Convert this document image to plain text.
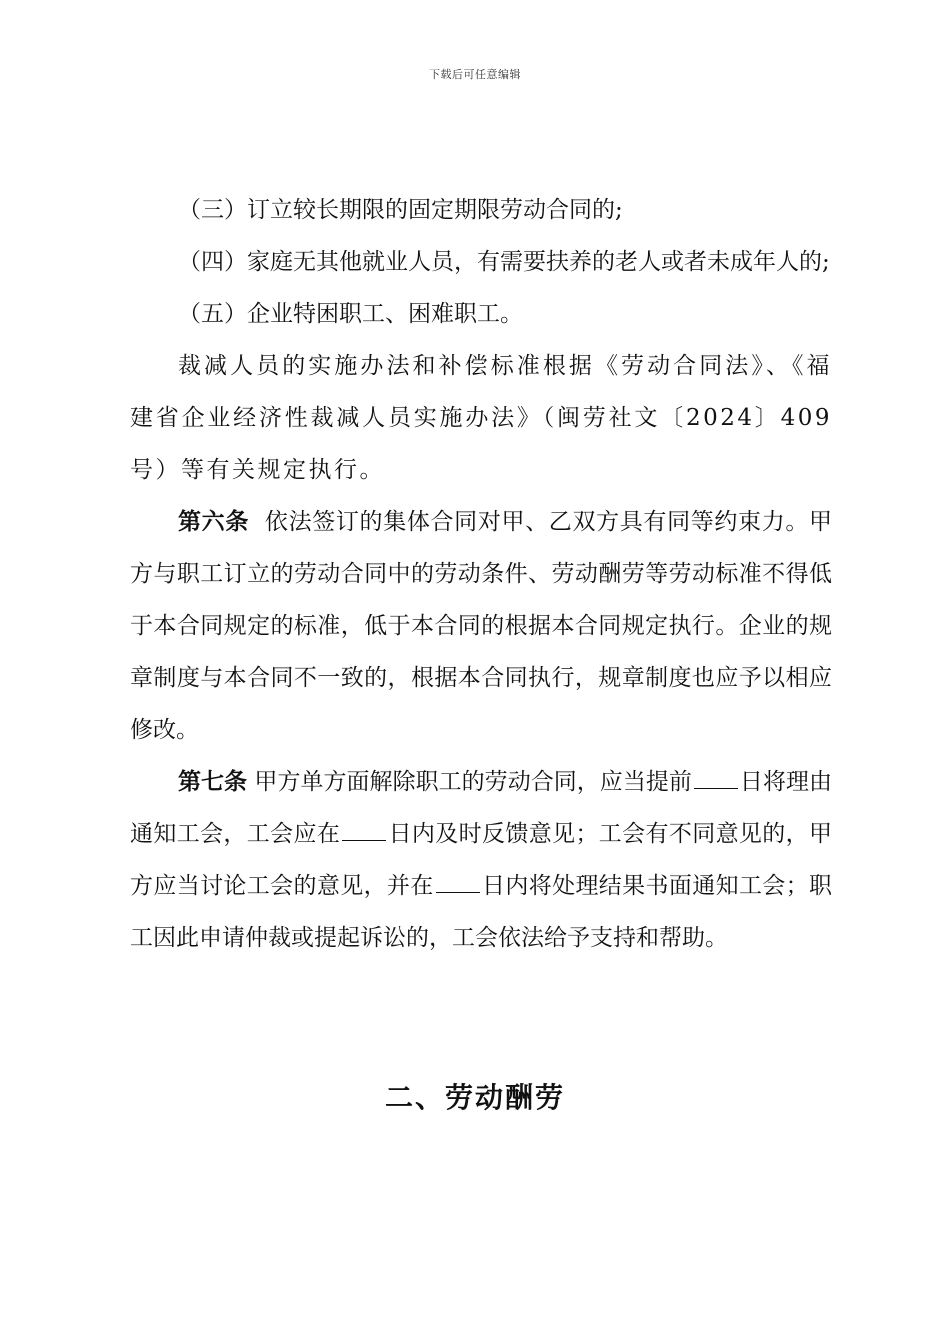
下载后可任意编辑

（三）订立较长期限的固定期限劳动合同的;

（四）家庭无其他就业人员，有需要扶养的老人或者未成年人的;

（五）企业特困职工、困难职工。

裁减人员的实施办法和补偿标准根据《劳动合同法》、《福建省企业经济性裁减人员实施办法》（闽劳社文〔2024〕409号）等有关规定执行。

第六条 依法签订的集体合同对甲、乙双方具有同等约束力。甲方与职工订立的劳动合同中的劳动条件、劳动酬劳等劳动标准不得低于本合同规定的标准，低于本合同的根据本合同规定执行。企业的规章制度与本合同不一致的，根据本合同执行，规章制度也应予以相应修改。

第七条 甲方单方面解除职工的劳动合同，应当提前 日将理由通知工会，工会应在 日内及时反馈意见；工会有不同意见的，甲方应当讨论工会的意见，并在 日内将处理结果书面通知工会；职工因此申请仲裁或提起诉讼的，工会依法给予支持和帮助。

二、劳动酬劳
